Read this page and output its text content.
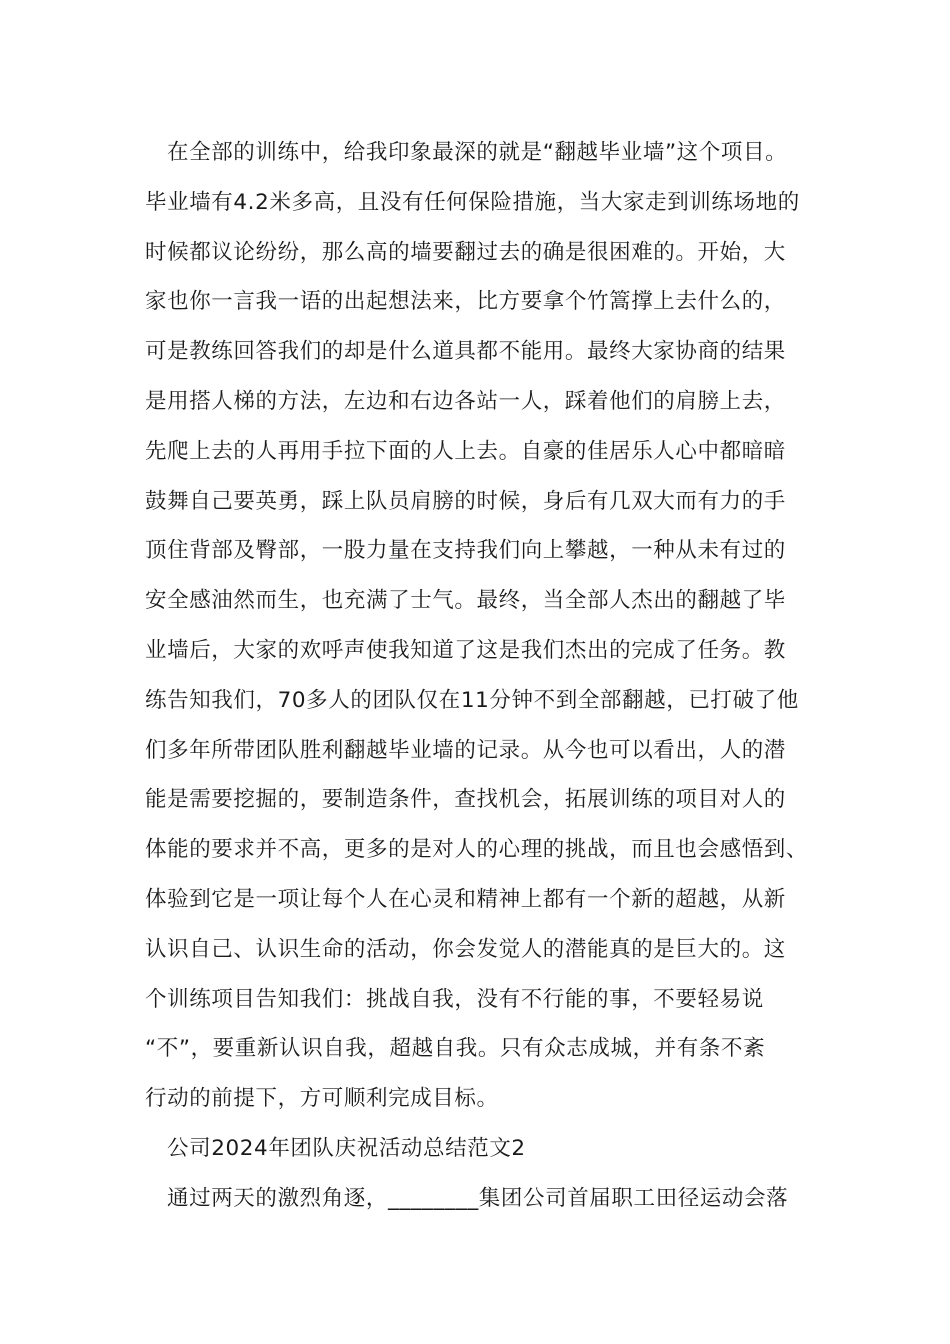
在全部的训练中，给我印象最深的就是“翻越毕业墙”这个项目。
毕业墙有4.2米多高，且没有任何保险措施，当大家走到训练场地的
时候都议论纷纷，那么高的墙要翻过去的确是很困难的。开始，大
家也你一言我一语的出起想法来，比方要拿个竹篙撑上去什么的，
可是教练回答我们的却是什么道具都不能用。最终大家协商的结果
是用搭人梯的方法，左边和右边各站一人，踩着他们的肩膀上去，
先爬上去的人再用手拉下面的人上去。自豪的佳居乐人心中都暗暗
鼓舞自己要英勇，踩上队员肩膀的时候，身后有几双大而有力的手
顶住背部及臀部，一股力量在支持我们向上攀越，一种从未有过的
安全感油然而生，也充满了士气。最终，当全部人杰出的翻越了毕
业墙后，大家的欢呼声使我知道了这是我们杰出的完成了任务。教
练告知我们，70多人的团队仅在11分钟不到全部翻越，已打破了他
们多年所带团队胜利翻越毕业墙的记录。从今也可以看出，人的潜
能是需要挖掘的，要制造条件，查找机会，拓展训练的项目对人的
体能的要求并不高，更多的是对人的心理的挑战，而且也会感悟到、
体验到它是一项让每个人在心灵和精神上都有一个新的超越，从新
认识自己、认识生命的活动，你会发觉人的潜能真的是巨大的。这
个训练项目告知我们：挑战自我，没有不行能的事，不要轻易说
“不”，要重新认识自我，超越自我。只有众志成城，并有条不紊
行动的前提下，方可顺利完成目标。
公司2024年团队庆祝活动总结范文2
通过两天的激烈角逐，________集团公司首届职工田径运动会落
